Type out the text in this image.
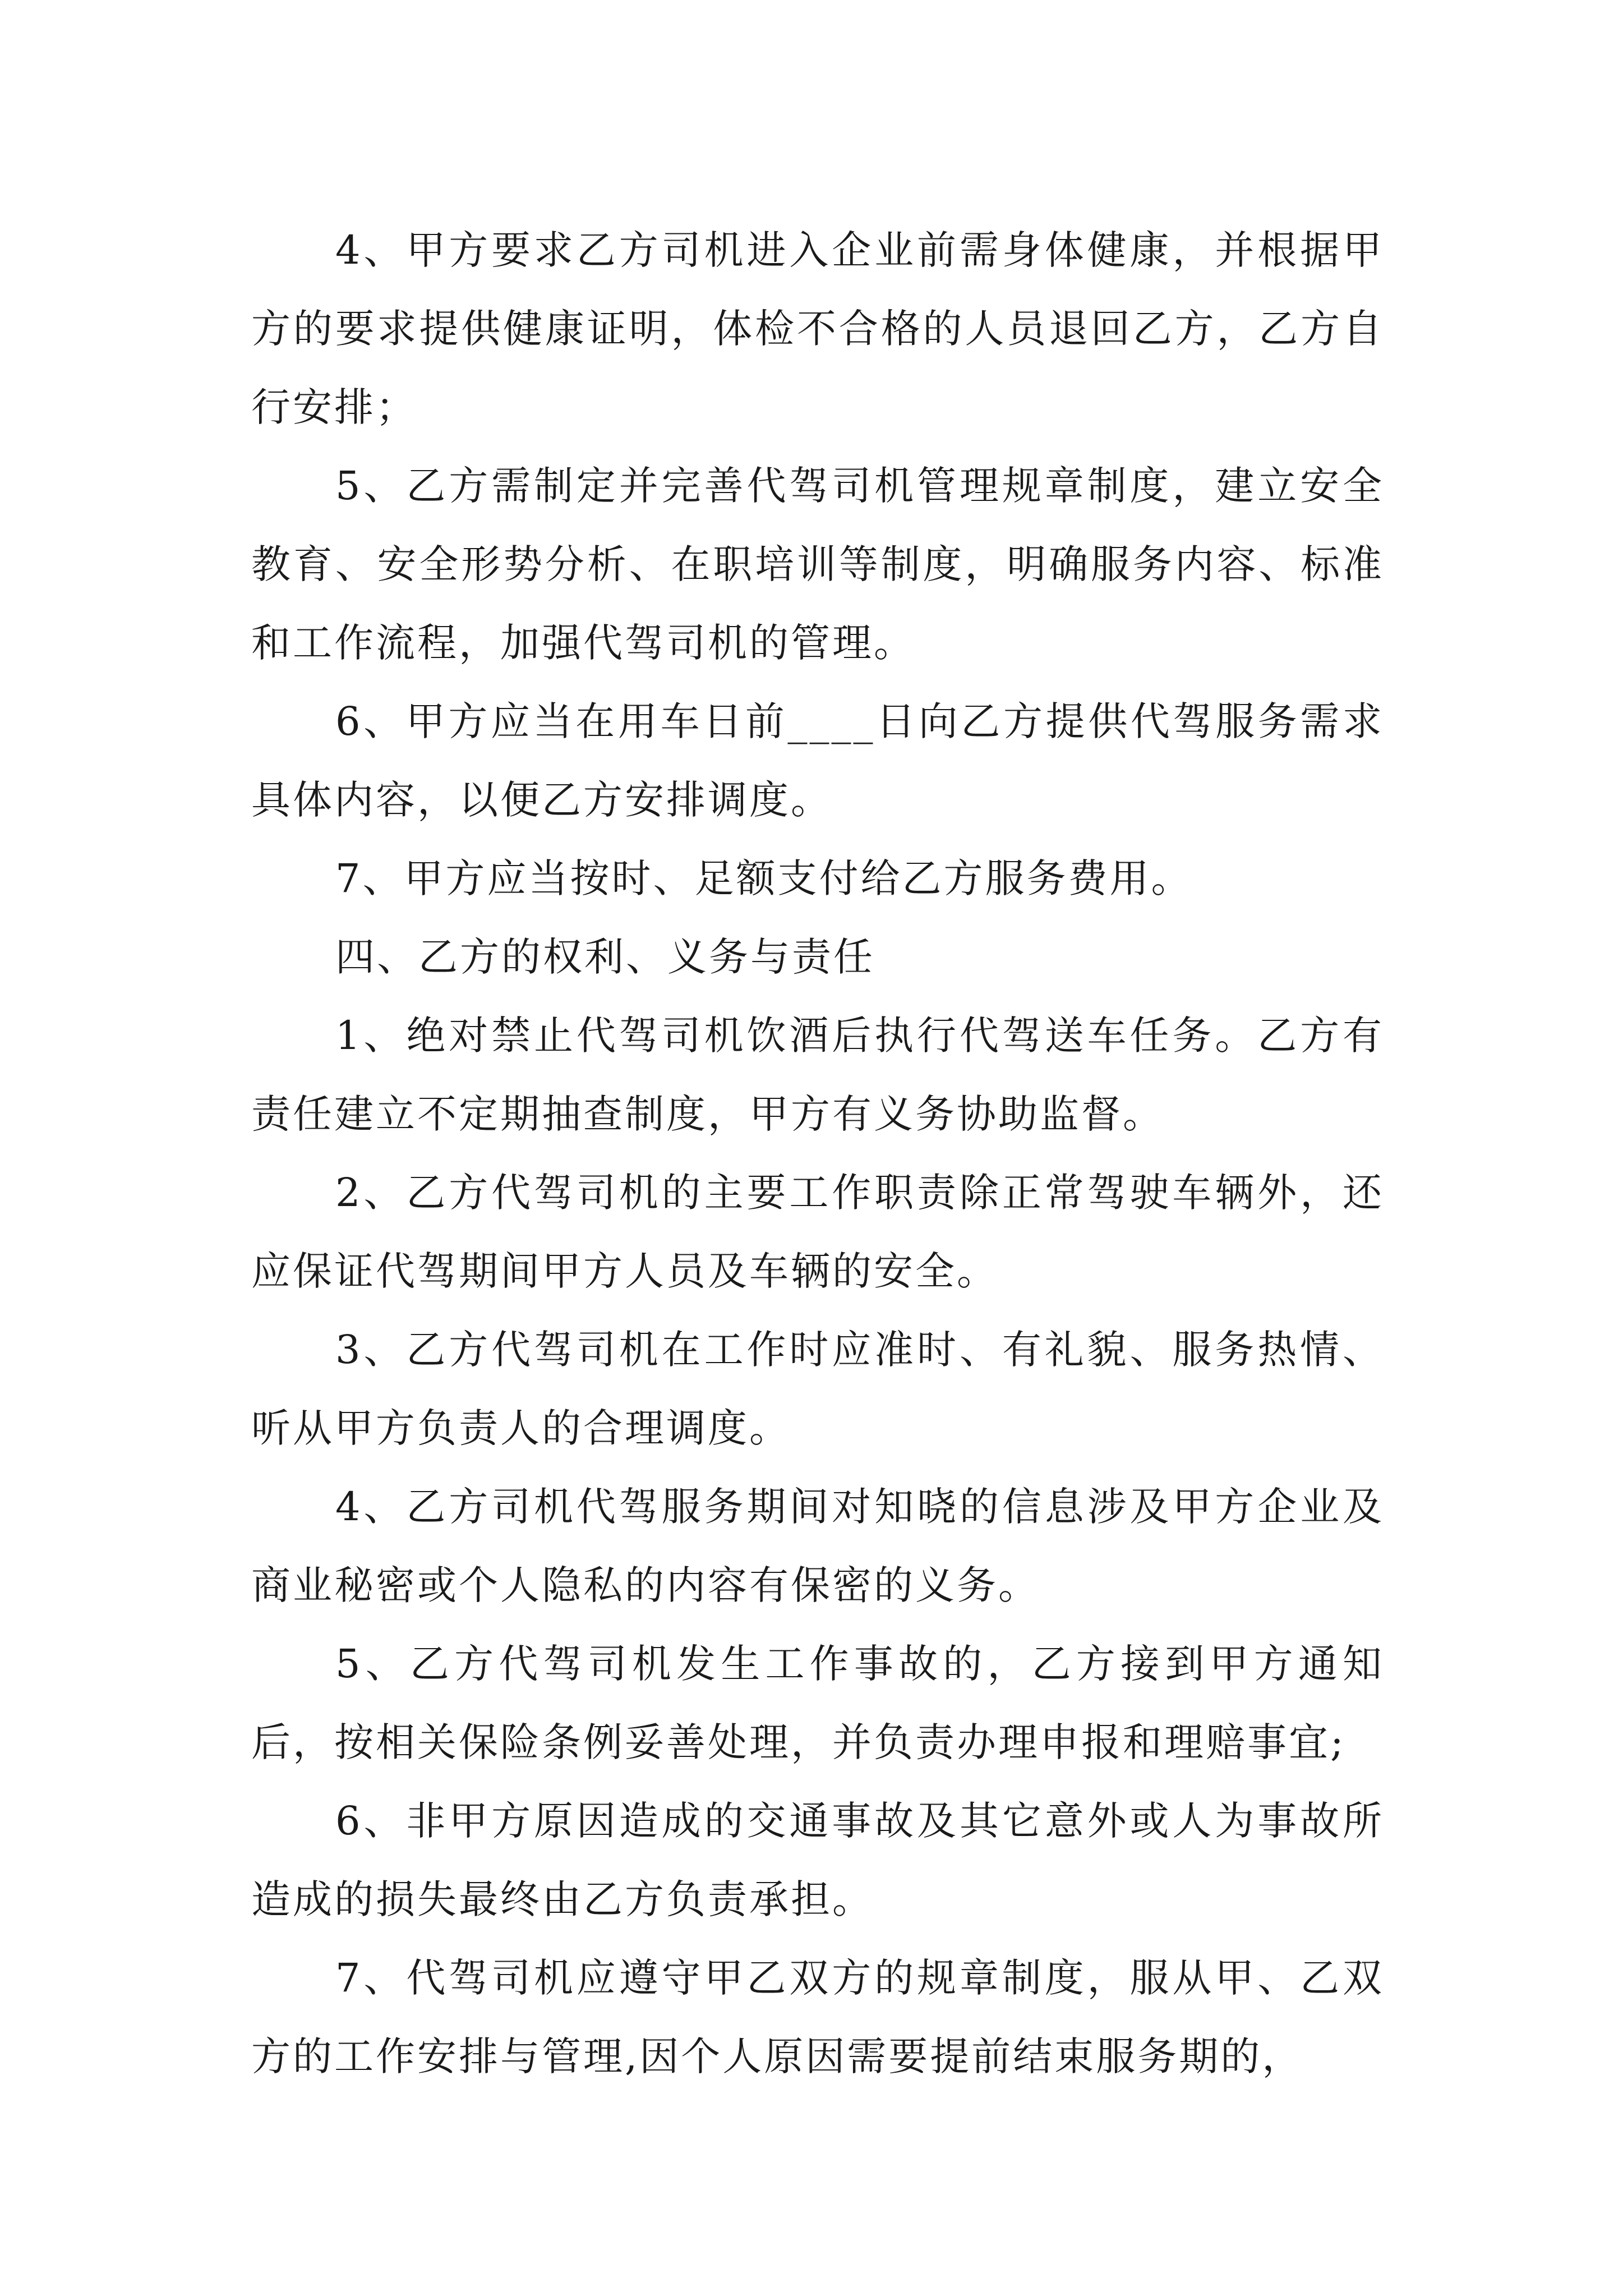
4、甲方要求乙方司机进入企业前需身体健康，并根据甲方的要求提供健康证明，体检不合格的人员退回乙方，乙方自行安排；

5、乙方需制定并完善代驾司机管理规章制度，建立安全教育、安全形势分析、在职培训等制度，明确服务内容、标准和工作流程，加强代驾司机的管理。

6、甲方应当在用车日前____日向乙方提供代驾服务需求具体内容，以便乙方安排调度。

7、甲方应当按时、足额支付给乙方服务费用。

四、乙方的权利、义务与责任

1、绝对禁止代驾司机饮酒后执行代驾送车任务。乙方有责任建立不定期抽查制度，甲方有义务协助监督。

2、乙方代驾司机的主要工作职责除正常驾驶车辆外，还应保证代驾期间甲方人员及车辆的安全。

3、乙方代驾司机在工作时应准时、有礼貌、服务热情、听从甲方负责人的合理调度。

4、乙方司机代驾服务期间对知晓的信息涉及甲方企业及商业秘密或个人隐私的内容有保密的义务。

5、乙方代驾司机发生工作事故的，乙方接到甲方通知后，按相关保险条例妥善处理，并负责办理申报和理赔事宜;

6、非甲方原因造成的交通事故及其它意外或人为事故所造成的损失最终由乙方负责承担。

7、代驾司机应遵守甲乙双方的规章制度，服从甲、乙双方的工作安排与管理,因个人原因需要提前结束服务期的，
